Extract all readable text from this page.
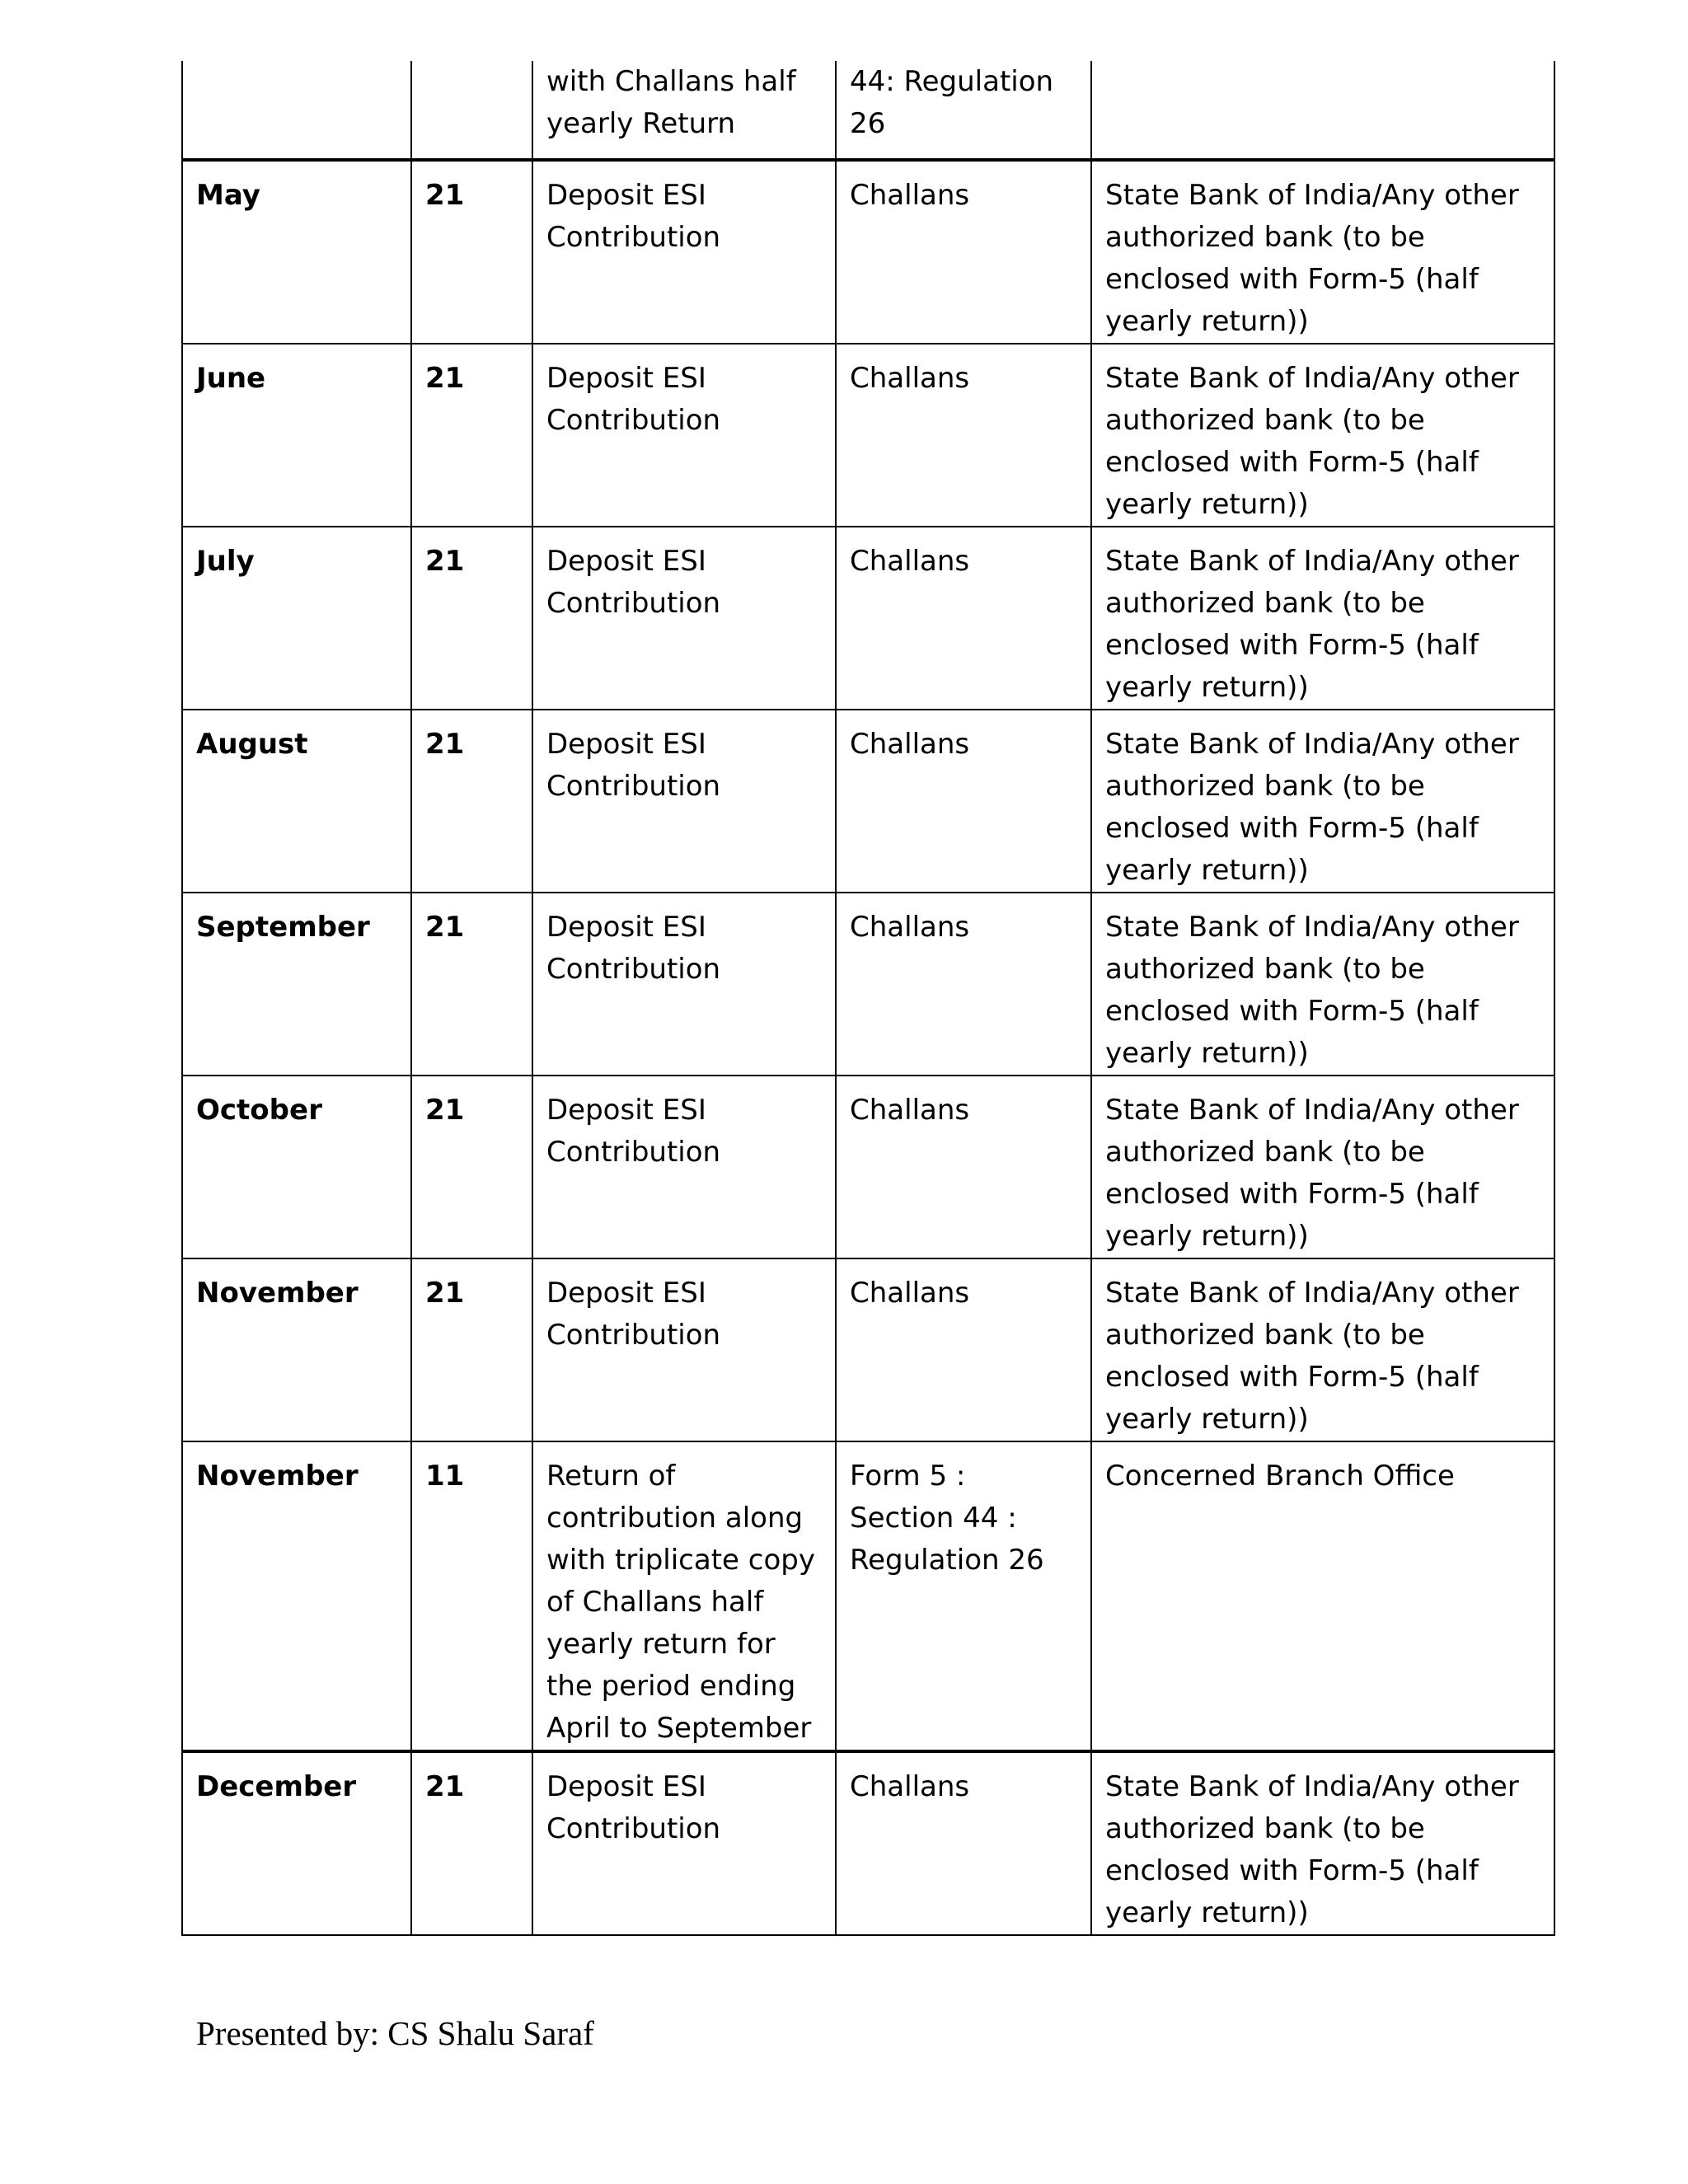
		with Challans half yearly Return	44: Regulation 26	
May	21	Deposit ESI Contribution	Challans	State Bank of India/Any other authorized bank (to be enclosed with Form-5 (half yearly return))
June	21	Deposit ESI Contribution	Challans	State Bank of India/Any other authorized bank (to be enclosed with Form-5 (half yearly return))
July	21	Deposit ESI Contribution	Challans	State Bank of India/Any other authorized bank (to be enclosed with Form-5 (half yearly return))
August	21	Deposit ESI Contribution	Challans	State Bank of India/Any other authorized bank (to be enclosed with Form-5 (half yearly return))
September	21	Deposit ESI Contribution	Challans	State Bank of India/Any other authorized bank (to be enclosed with Form-5 (half yearly return))
October	21	Deposit ESI Contribution	Challans	State Bank of India/Any other authorized bank (to be enclosed with Form-5 (half yearly return))
November	21	Deposit ESI Contribution	Challans	State Bank of India/Any other authorized bank (to be enclosed with Form-5 (half yearly return))
November	11	Return of contribution along with triplicate copy of Challans half yearly return for the period ending April to September	Form 5 : Section 44 : Regulation 26	Concerned Branch Office
December	21	Deposit ESI Contribution	Challans	State Bank of India/Any other authorized bank (to be enclosed with Form-5 (half yearly return))
Presented by: CS Shalu Saraf
